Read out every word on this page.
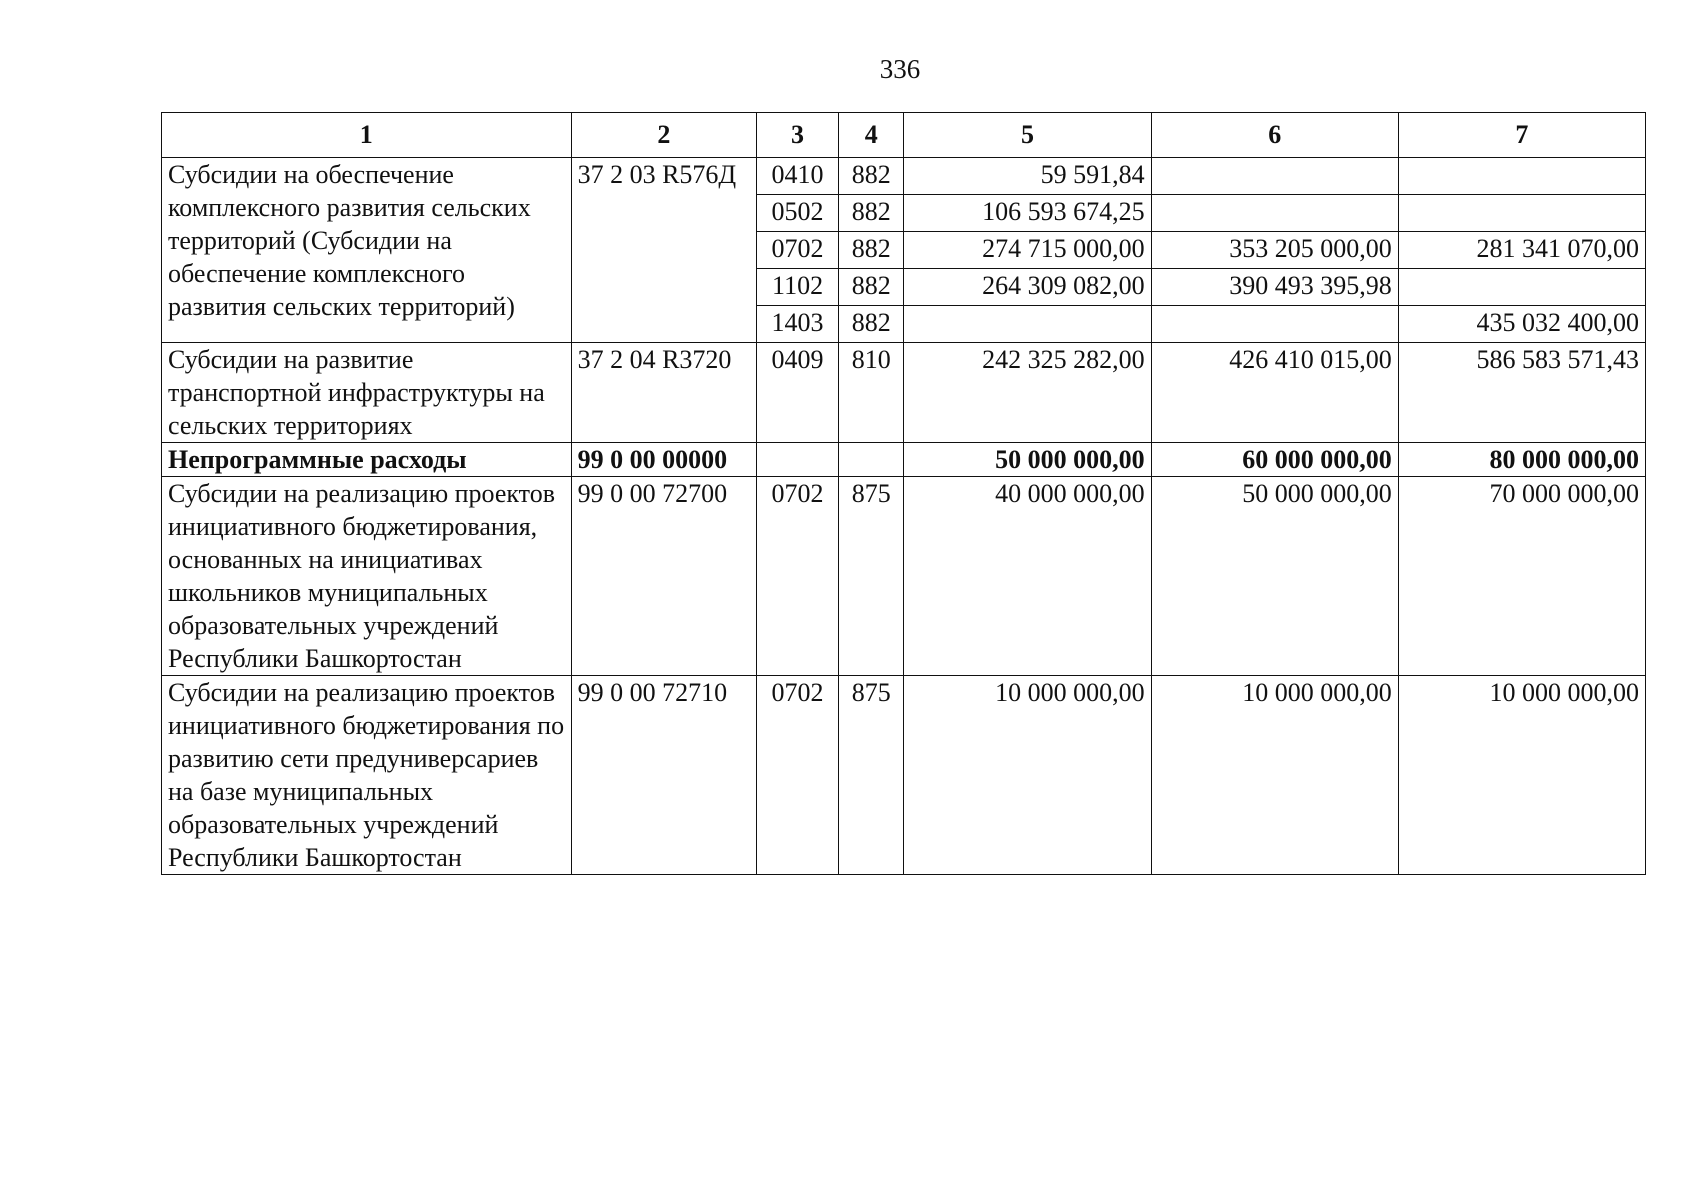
336
1	2	3	4	5	6	7
Субсидии на обеспечение комплексного развития сельских территорий (Субсидии на обеспечение комплексного развития сельских территорий)	37 2 03 R576Д	0410	882	59 591,84		
		0502	882	106 593 674,25		
		0702	882	274 715 000,00	353 205 000,00	281 341 070,00
		1102	882	264 309 082,00	390 493 395,98	
		1403	882			435 032 400,00
Субсидии на развитие транспортной инфраструктуры на сельских территориях	37 2 04 R3720	0409	810	242 325 282,00	426 410 015,00	586 583 571,43
Непрограммные расходы	99 0 00 00000			50 000 000,00	60 000 000,00	80 000 000,00
Субсидии на реализацию проектов инициативного бюджетирования, основанных на инициативах школьников муниципальных образовательных учреждений Республики Башкортостан	99 0 00 72700	0702	875	40 000 000,00	50 000 000,00	70 000 000,00
Субсидии на реализацию проектов инициативного бюджетирования по развитию сети предуниверсариев на базе муниципальных образовательных учреждений Республики Башкортостан	99 0 00 72710	0702	875	10 000 000,00	10 000 000,00	10 000 000,00
